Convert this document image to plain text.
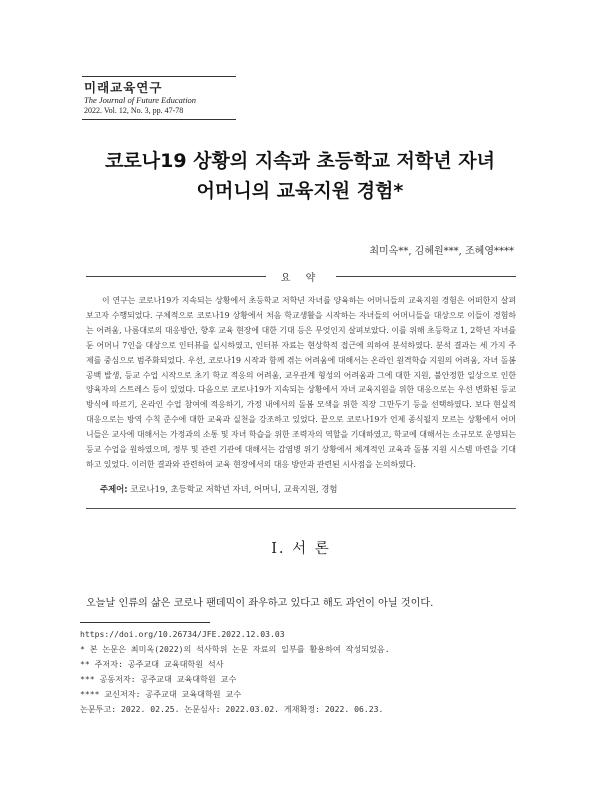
미래교육연구
The Journal of Future Education
2022. Vol. 12, No. 3, pp. 47-78
코로나19 상황의 지속과 초등학교 저학년 자녀
어머니의 교육지원 경험*
최미옥**, 김혜원***, 조혜영****
요 약
이 연구는 코로나19가 지속되는 상황에서 초등학교 저학년 자녀를 양육하는 어머니들의 교육지원 경험은 어떠한지 살펴보고자 수행되었다. 구체적으로 코로나19 상황에서 처음 학교생활을 시작하는 자녀들의 어머니들을 대상으로 이들이 경험하는 어려움, 나름대로의 대응방안, 향후 교육 현장에 대한 기대 등은 무엇인지 살펴보았다. 이를 위해 초등학교 1, 2학년 자녀를 둔 어머니 7인을 대상으로 인터뷰를 실시하였고, 인터뷰 자료는 현상학적 접근에 의하여 분석하였다. 분석 결과는 세 가지 주제를 중심으로 범주화되었다. 우선, 코로나19 시작과 함께 겪는 어려움에 대해서는 온라인 원격학습 지원의 어려움, 자녀 돌봄 공백 발생, 등교 수업 시작으로 초기 학교 적응의 어려움, 교우관계 형성의 어려움과 그에 대한 지원, 불안정한 일상으로 인한 양육자의 스트레스 등이 있었다. 다음으로 코로나19가 지속되는 상황에서 자녀 교육지원을 위한 대응으로는 우선 변화된 등교 방식에 따르기, 온라인 수업 참여에 적응하기, 가정 내에서의 돌봄 모색을 위한 직장 그만두기 등을 선택하였다. 보다 현실적 대응으로는 방역 수칙 준수에 대한 교육과 실천을 강조하고 있었다. 끝으로 코로나19가 언제 종식될지 모르는 상황에서 어머니들은 교사에 대해서는 가정과의 소통 및 자녀 학습을 위한 조력자의 역할을 기대하였고, 학교에 대해서는 소규모로 운영되는 등교 수업을 원하였으며, 정부 및 관련 기관에 대해서는 감염병 위기 상황에서 체계적인 교육과 돌봄 지원 시스템 마련을 기대하고 있었다. 이러한 결과와 관련하여 교육 현장에서의 대응 방안과 관련된 시사점을 논의하였다.
주제어: 코로나19, 초등학교 저학년 자녀, 어머니, 교육지원, 경험
Ⅰ. 서 론
오늘날 인류의 삶은 코로나 팬데믹이 좌우하고 있다고 해도 과언이 아닐 것이다.
https://doi.org/10.26734/JFE.2022.12.03.03
* 본 논문은 최미옥(2022)의 석사학위 논문 자료의 일부를 활용하여 작성되었음.
** 주저자: 공주교대 교육대학원 석사
*** 공동저자: 공주교대 교육대학원 교수
**** 교신저자: 공주교대 교육대학원 교수
논문투고: 2022. 02.25. 논문심사: 2022.03.02. 게재확정: 2022. 06.23.
